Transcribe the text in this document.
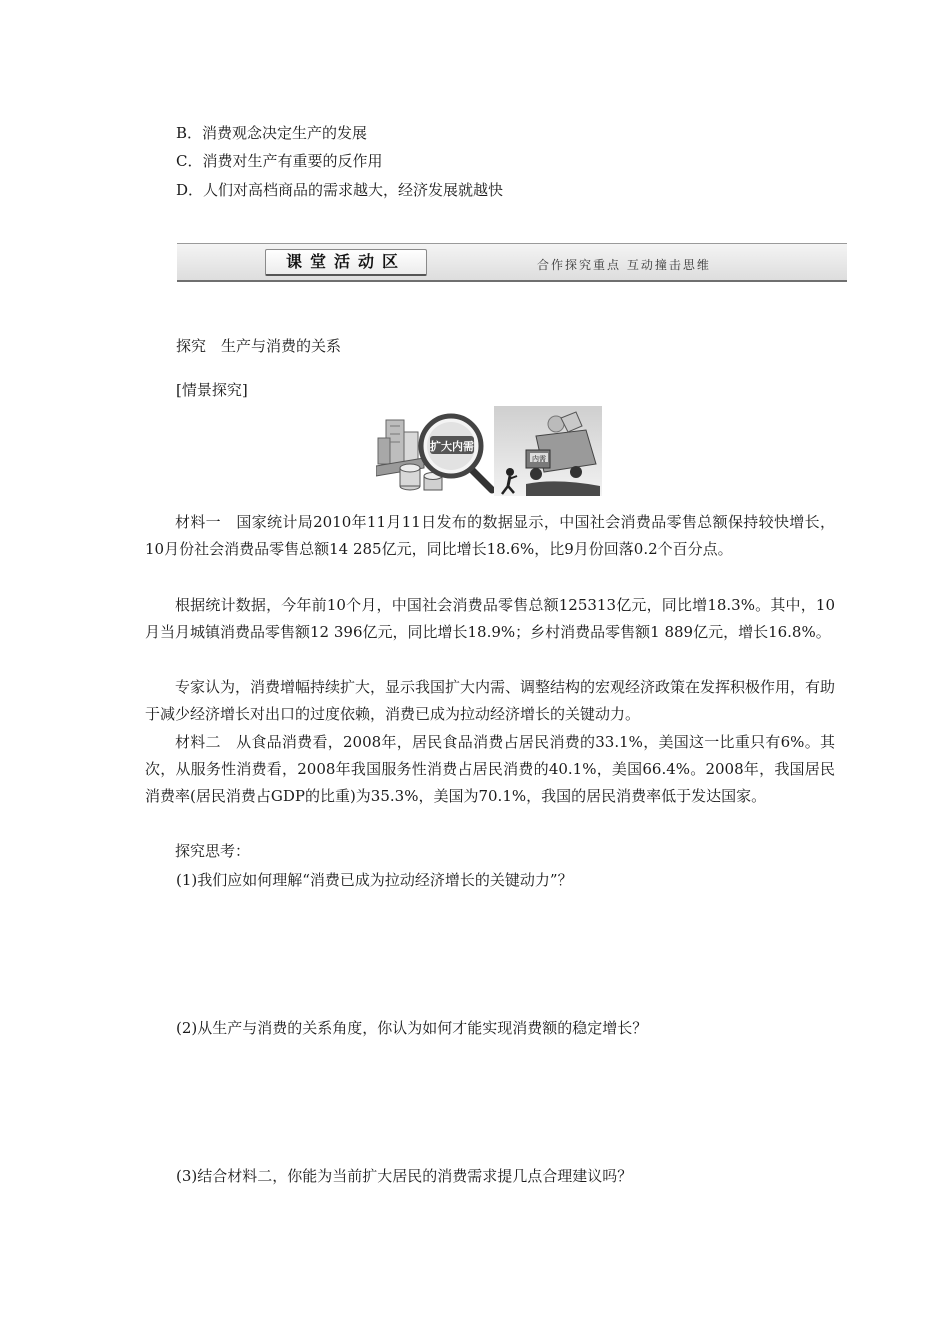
B．消费观念决定生产的发展
C．消费对生产有重要的反作用
D．人们对高档商品的需求越大，经济发展就越快
课堂活动区	合作探究重点 互动撞击思维
探究　生产与消费的关系
[情景探究]
扩大内需
内需
材料一　国家统计局2010年11月11日发布的数据显示，中国社会消费品零售总额保持较快增长，10月份社会消费品零售总额14 285亿元，同比增长18.6%，比9月份回落0.2个百分点。
根据统计数据，今年前10个月，中国社会消费品零售总额125313亿元，同比增18.3%。其中，10月当月城镇消费品零售额12 396亿元，同比增长18.9%；乡村消费品零售额1 889亿元，增长16.8%。
专家认为，消费增幅持续扩大，显示我国扩大内需、调整结构的宏观经济政策在发挥积极作用，有助于减少经济增长对出口的过度依赖，消费已成为拉动经济增长的关键动力。
材料二　从食品消费看，2008年，居民食品消费占居民消费的33.1%，美国这一比重只有6%。其次，从服务性消费看，2008年我国服务性消费占居民消费的40.1%，美国66.4%。2008年，我国居民消费率(居民消费占GDP的比重)为35.3%，美国为70.1%，我国的居民消费率低于发达国家。
探究思考：
(1)我们应如何理解“消费已成为拉动经济增长的关键动力”？
(2)从生产与消费的关系角度，你认为如何才能实现消费额的稳定增长？
(3)结合材料二，你能为当前扩大居民的消费需求提几点合理建议吗？
